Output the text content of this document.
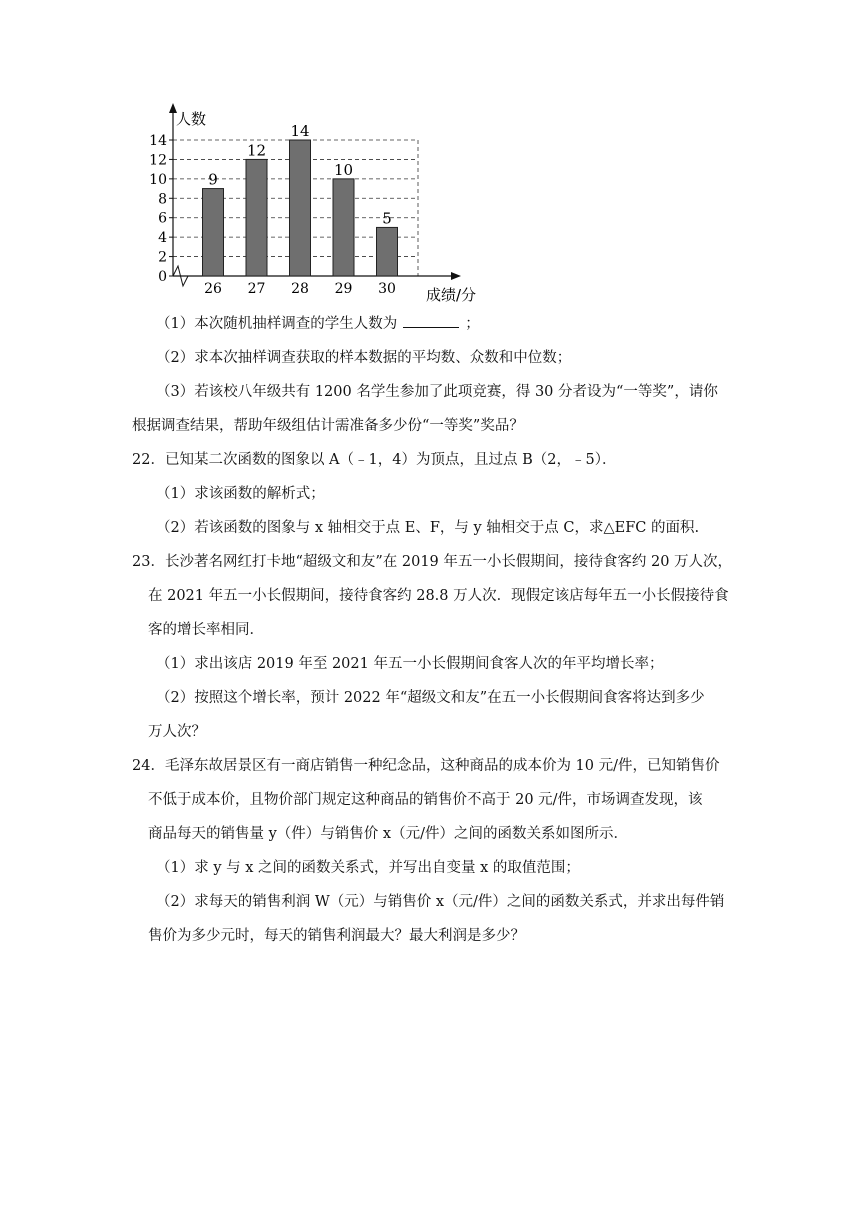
9
12
14
10
5
0
2
4
6
8
10
12
14
26 27 28 29 30
人数
成绩/分
（1）本次随机抽样调查的学生人数为	；
（2）求本次抽样调查获取的样本数据的平均数、众数和中位数；
（3）若该校八年级共有 1200 名学生参加了此项竞赛，得 30 分者设为“一等奖”，请你
根据调查结果，帮助年级组估计需准备多少份“一等奖”奖品？
22．已知某二次函数的图象以 A（﹣1，4）为顶点，且过点 B（2，﹣5）．
（1）求该函数的解析式；
（2）若该函数的图象与 x 轴相交于点 E、F，与 y 轴相交于点 C，求△EFC 的面积.
23．长沙著名网红打卡地“超级文和友”在 2019 年五一小长假期间，接待食客约 20 万人次，
在 2021 年五一小长假期间，接待食客约 28.8 万人次．现假定该店每年五一小长假接待食
客的增长率相同．
（1）求出该店 2019 年至 2021 年五一小长假期间食客人次的年平均增长率；
（2）按照这个增长率，预计 2022 年“超级文和友”在五一小长假期间食客将达到多少
万人次？
24．毛泽东故居景区有一商店销售一种纪念品，这种商品的成本价为 10 元/件，已知销售价
不低于成本价，且物价部门规定这种商品的销售价不高于 20 元/件，市场调查发现，该
商品每天的销售量 y（件）与销售价 x（元/件）之间的函数关系如图所示．
（1）求 y 与 x 之间的函数关系式，并写出自变量 x 的取值范围；
（2）求每天的销售利润 W（元）与销售价 x（元/件）之间的函数关系式，并求出每件销
售价为多少元时，每天的销售利润最大？最大利润是多少？
